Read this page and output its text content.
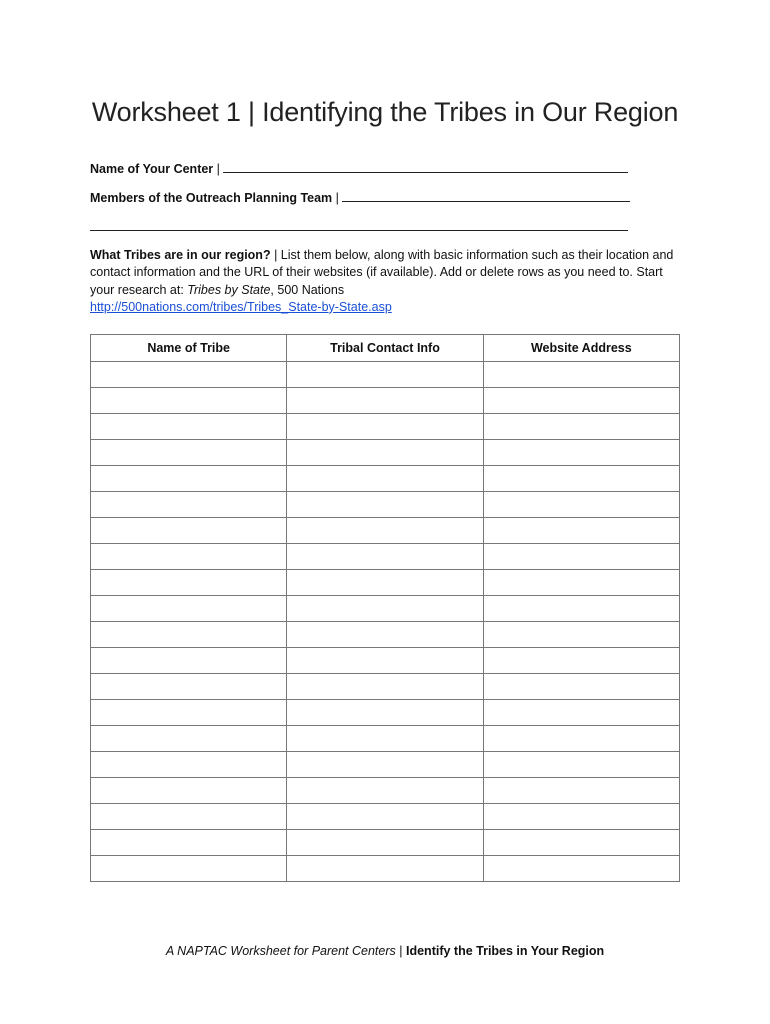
Worksheet 1 | Identifying the Tribes in Our Region
Name of Your Center |
Members of the Outreach Planning Team |
What Tribes are in our region? | List them below, along with basic information such as their location and contact information and the URL of their websites (if available). Add or delete rows as you need to. Start your research at: Tribes by State, 500 Nations
http://500nations.com/tribes/Tribes_State-by-State.asp
Name of Tribe	Tribal Contact Info	Website Address

A NAPTAC Worksheet for Parent Centers | Identify the Tribes in Your Region
